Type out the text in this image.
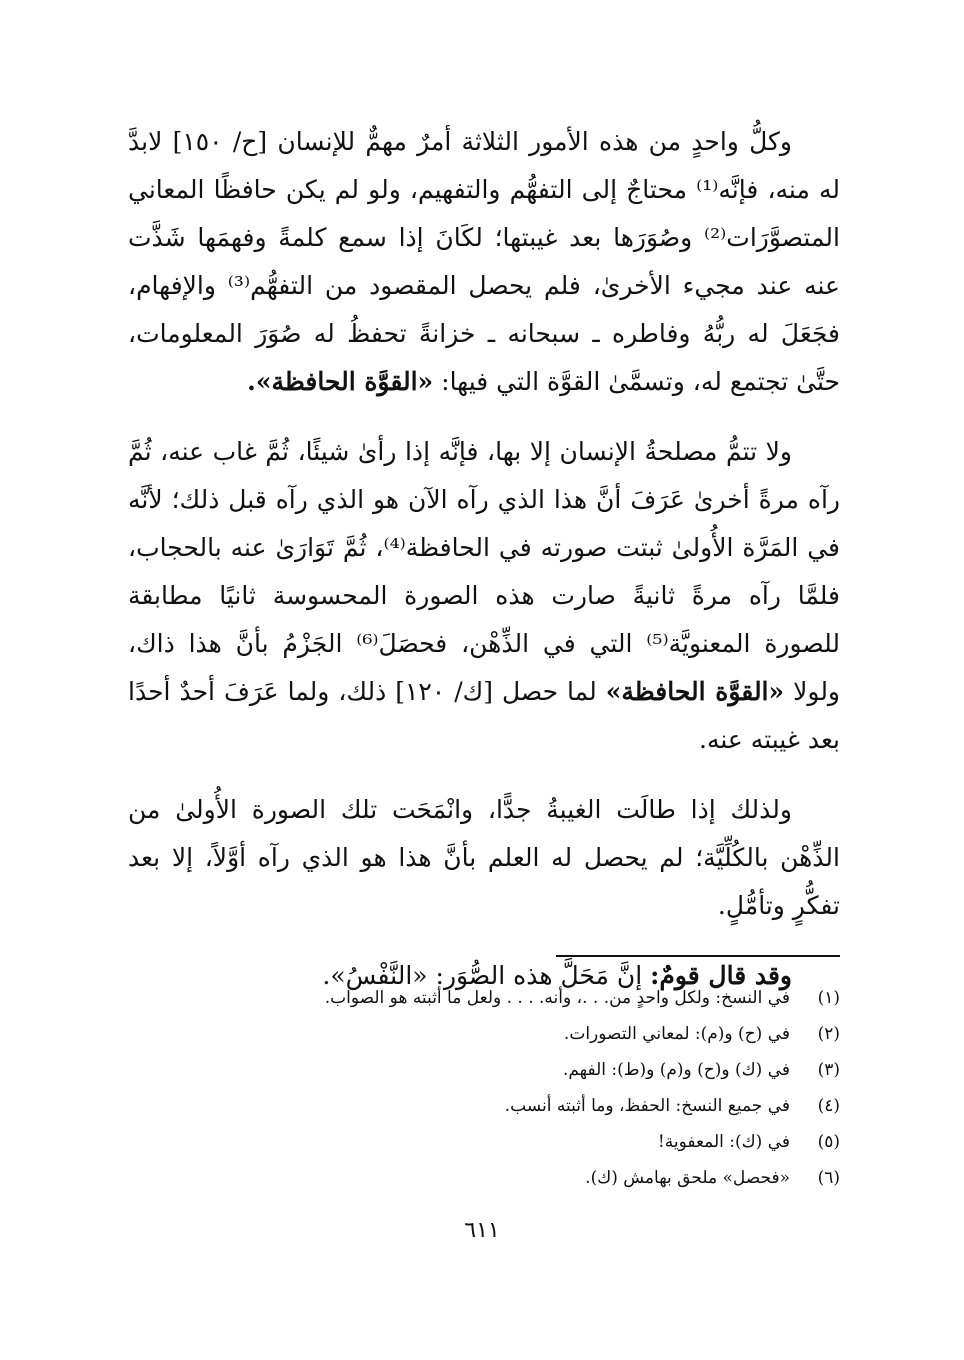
وكلُّ واحدٍ من هذه الأمور الثلاثة أمرٌ مهمٌّ للإنسان [ح/ ١٥٠] لابدَّ له منه، فإنَّه⁽¹⁾ محتاجٌ إلى التفهُّم والتفهيم، ولو لم يكن حافظًا المعاني المتصوَّرَات⁽²⁾ وصُوَرَها بعد غيبتها؛ لكَانَ إذا سمع كلمةً وفهمَها شَذَّت عنه عند مجيء الأخرىٰ، فلم يحصل المقصود من التفهُّم⁽³⁾ والإفهام، فجَعَلَ له ربُّهُ وفاطره ـ سبحانه ـ خزانةً تحفظُ له صُوَرَ المعلومات، حتَّىٰ تجتمع له، وتسمَّىٰ القوَّة التي فيها: «القوَّة الحافظة».

ولا تتمُّ مصلحةُ الإنسان إلا بها، فإنَّه إذا رأىٰ شيئًا، ثُمَّ غاب عنه، ثُمَّ رآه مرةً أخرىٰ عَرَفَ أنَّ هذا الذي رآه الآن هو الذي رآه قبل ذلك؛ لأنَّه في المَرَّة الأُولىٰ ثبتت صورته في الحافظة⁽⁴⁾، ثُمَّ تَوَارَىٰ عنه بالحجاب، فلمَّا رآه مرةً ثانيةً صارت هذه الصورة المحسوسة ثانيًا مطابقة للصورة المعنويَّة⁽⁵⁾ التي في الذِّهْن، فحصَلَ⁽⁶⁾ الجَزْمُ بأنَّ هذا ذاك، ولولا «القوَّة الحافظة» لما حصل [ك/ ١٢٠] ذلك، ولما عَرَفَ أحدٌ أحدًا بعد غيبته عنه.

ولذلك إذا طالَت الغيبةُ جدًّا، وانْمَحَت تلك الصورة الأُولىٰ من الذِّهْن بالكُلِّيَّة؛ لم يحصل له العلم بأنَّ هذا هو الذي رآه أوَّلاً، إلا بعد تفكُّرٍ وتأمُّلٍ.

وقد قال قومٌ: إنَّ مَحَلَّ هذه الصُّوَر: «النَّفْسُ».

(١)
في النسخ: ولكل واحدٍ من. . .، وأنه. . . . ولعل ما أثبته هو الصواب.
(٢)
في (ح) و(م): لمعاني التصورات.
(٣)
في (ك) و(ح) و(م) و(ط): الفهم.
(٤)
في جميع النسخ: الحفظ، وما أثبته أنسب.
(٥)
في (ك): المعفوية!
(٦)
«فحصل» ملحق بهامش (ك).
٦١١
